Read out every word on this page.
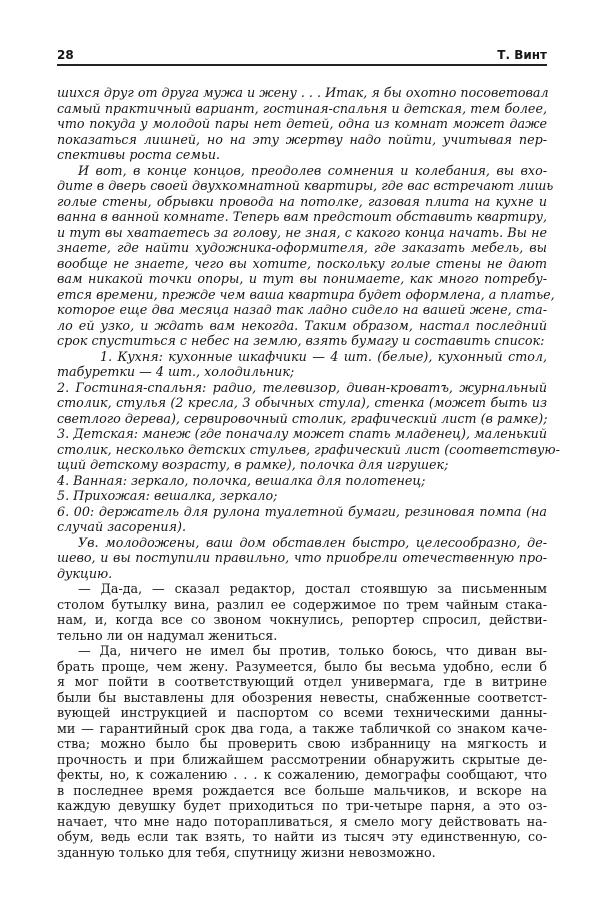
28	Т. Винт
шихся друг от друга мужа и жену . . . Итак, я бы охотно посоветовал
самый практичный вариант, гостиная-спальня и детская, тем более,
что покуда у молодой пары нет детей, одна из комнат может даже
показаться лишней, но на эту жертву надо пойти, учитывая пер-
спективы роста семьи.
И вот, в конце концов, преодолев сомнения и колебания, вы вхо-
дите в дверь своей двухкомнатной квартиры, где вас встречают лишь
голые стены, обрывки провода на потолке, газовая плита на кухне и
ванна в ванной комнате. Теперь вам предстоит обставить квартиру,
и тут вы хватаетесь за голову, не зная, с какого конца начать. Вы не
знаете, где найти художника-оформителя, где заказать мебель, вы
вообще не знаете, чего вы хотите, поскольку голые стены не дают
вам никакой точки опоры, и тут вы понимаете, как много потребу-
ется времени, прежде чем ваша квартира будет оформлена, а платье,
которое еще два месяца назад так ладно сидело на вашей жене, ста-
ло ей узко, и ждать вам некогда. Таким образом, настал последний
срок спуститься с небес на землю, взять бумагу и составить список:
1. Кухня: кухонные шкафчики — 4 шт. (белые), кухонный стол,
табуретки — 4 шт., холодильник;
2. Гостиная-спальня: радио, телевизор, диван-кроватъ, журнальный
столик, стулья (2 кресла, 3 обычных стула), стенка (может быть из
светлого дерева), сервировочный столик, графический лист (в рамке);
3. Детская: манеж (где поначалу может спать младенец), маленький
столик, несколько детских стульев, графический лист (соответствую-
щий детскому возрасту, в рамке), полочка для игрушек;
4. Ванная: зеркало, полочка, вешалка для полотенец;
5. Прихожая: вешалка, зеркало;
6. 00: держатель для рулона туалетной бумаги, резиновая помпа (на
случай засорения).
Ув. молодожены, ваш дом обставлен быстро, целесообразно, де-
шево, и вы поступили правильно, что приобрели отечественную про-
дукцию.
— Да-да, — сказал редактор, достал стоявшую за письменным
столом бутылку вина, разлил ее содержимое по трем чайным стака-
нам, и, когда все со звоном чокнулись, репортер спросил, действи-
тельно ли он надумал жениться.
— Да, ничего не имел бы против, только боюсь, что диван вы-
брать проще, чем жену. Разумеется, было бы весьма удобно, если б
я мог пойти в соответствующий отдел универмага, где в витрине
были бы выставлены для обозрения невесты, снабженные соответст-
вующей инструкцией и паспортом со всеми техническими данны-
ми — гарантийный срок два года, а также табличкой со знаком каче-
ства; можно было бы проверить свою избранницу на мягкость и
прочность и при ближайшем рассмотрении обнаружить скрытые де-
фекты, но, к сожалению . . . к сожалению, демографы сообщают, что
в последнее время рождается все больше мальчиков, и вскоре на
каждую девушку будет приходиться по три-четыре парня, а это оз-
начает, что мне надо поторапливаться, я смело могу действовать на-
обум, ведь если так взять, то найти из тысяч эту единственную, со-
зданную только для тебя, спутницу жизни невозможно.
